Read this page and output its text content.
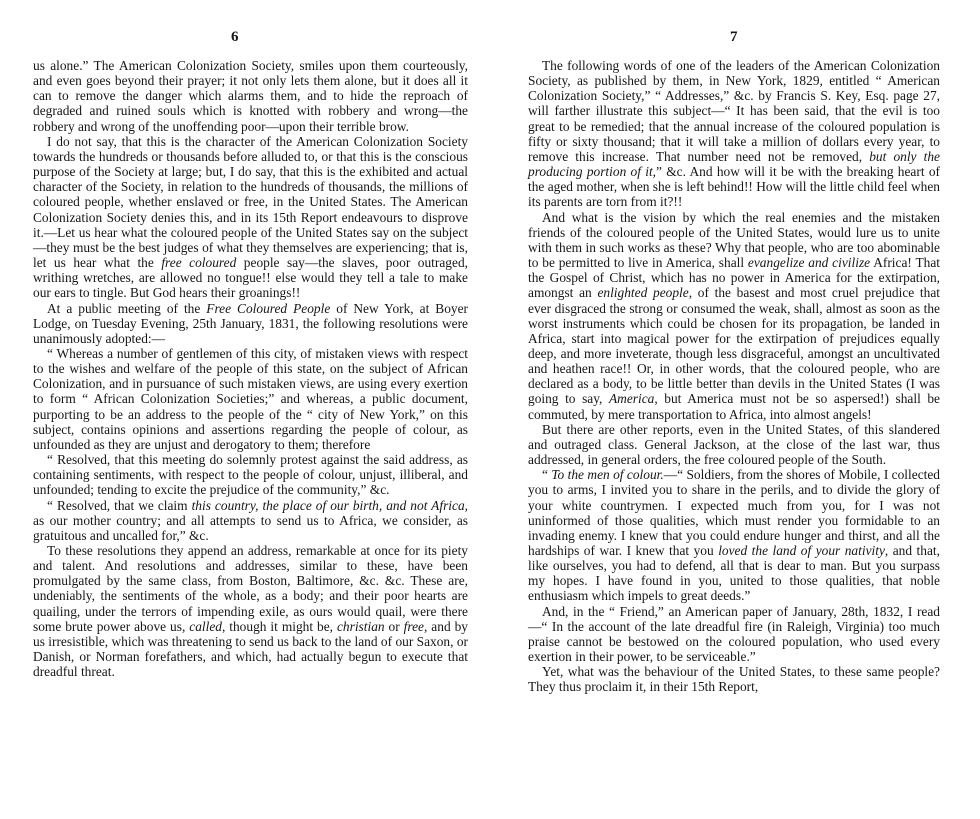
6

us alone.” The American Colonization Society, smiles upon them courteously, and even goes beyond their prayer; it not only lets them alone, but it does all it can to remove the danger which alarms them, and to hide the reproach of degraded and ruined souls which is knotted with robbery and wrong—the robbery and wrong of the unoffending poor—upon their terrible brow.

I do not say, that this is the character of the American Colonization Society towards the hundreds or thousands before alluded to, or that this is the conscious purpose of the Society at large; but, I do say, that this is the exhibited and actual character of the Society, in relation to the hundreds of thousands, the millions of coloured people, whether enslaved or free, in the United States. The American Colonization Society denies this, and in its 15th Report endeavours to disprove it.—Let us hear what the coloured people of the United States say on the subject—they must be the best judges of what they themselves are experiencing; that is, let us hear what the free coloured people say—the slaves, poor outraged, writhing wretches, are allowed no tongue!! else would they tell a tale to make our ears to tingle. But God hears their groanings!!

At a public meeting of the Free Coloured People of New York, at Boyer Lodge, on Tuesday Evening, 25th January, 1831, the following resolutions were unanimously adopted:—

“ Whereas a number of gentlemen of this city, of mistaken views with respect to the wishes and welfare of the people of this state, on the subject of African Colonization, and in pursuance of such mistaken views, are using every exertion to form “ African Colonization Societies;” and whereas, a public document, purporting to be an address to the people of the “ city of New York,” on this subject, contains opinions and assertions regarding the people of colour, as unfounded as they are unjust and derogatory to them; therefore

“ Resolved, that this meeting do solemnly protest against the said address, as containing sentiments, with respect to the people of colour, unjust, illiberal, and unfounded; tending to excite the prejudice of the community,” &c.

“ Resolved, that we claim this country, the place of our birth, and not Africa, as our mother country; and all attempts to send us to Africa, we consider, as gratuitous and uncalled for,” &c.

To these resolutions they append an address, remarkable at once for its piety and talent. And resolutions and addresses, similar to these, have been promulgated by the same class, from Boston, Baltimore, &c. &c. These are, undeniably, the sentiments of the whole, as a body; and their poor hearts are quailing, under the terrors of impending exile, as ours would quail, were there some brute power above us, called, though it might be, christian or free, and by us irresistible, which was threatening to send us back to the land of our Saxon, or Danish, or Norman forefathers, and which, had actually begun to execute that dreadful threat.

7

The following words of one of the leaders of the American Colonization Society, as published by them, in New York, 1829, entitled “ American Colonization Society,” “ Addresses,” &c. by Francis S. Key, Esq. page 27, will farther illustrate this subject—“ It has been said, that the evil is too great to be remedied; that the annual increase of the coloured population is fifty or sixty thousand; that it will take a million of dollars every year, to remove this increase. That number need not be removed, but only the producing portion of it,” &c. And how will it be with the breaking heart of the aged mother, when she is left behind!! How will the little child feel when its parents are torn from it?!!

And what is the vision by which the real enemies and the mistaken friends of the coloured people of the United States, would lure us to unite with them in such works as these? Why that people, who are too abominable to be permitted to live in America, shall evangelize and civilize Africa! That the Gospel of Christ, which has no power in America for the extirpation, amongst an enlighted people, of the basest and most cruel prejudice that ever disgraced the strong or consumed the weak, shall, almost as soon as the worst instruments which could be chosen for its propagation, be landed in Africa, start into magical power for the extirpation of prejudices equally deep, and more inveterate, though less disgraceful, amongst an uncultivated and heathen race!! Or, in other words, that the coloured people, who are declared as a body, to be little better than devils in the United States (I was going to say, America, but America must not be so aspersed!) shall be commuted, by mere transportation to Africa, into almost angels!

But there are other reports, even in the United States, of this slandered and outraged class. General Jackson, at the close of the last war, thus addressed, in general orders, the free coloured people of the South.

“ To the men of colour.—“ Soldiers, from the shores of Mobile, I collected you to arms, I invited you to share in the perils, and to divide the glory of your white countrymen. I expected much from you, for I was not uninformed of those qualities, which must render you formidable to an invading enemy. I knew that you could endure hunger and thirst, and all the hardships of war. I knew that you loved the land of your nativity, and that, like ourselves, you had to defend, all that is dear to man. But you surpass my hopes. I have found in you, united to those qualities, that noble enthusiasm which impels to great deeds.”

And, in the “ Friend,” an American paper of January, 28th, 1832, I read—“ In the account of the late dreadful fire (in Raleigh, Virginia) too much praise cannot be bestowed on the coloured population, who used every exertion in their power, to be serviceable.”

Yet, what was the behaviour of the United States, to these same people? They thus proclaim it, in their 15th Report,
